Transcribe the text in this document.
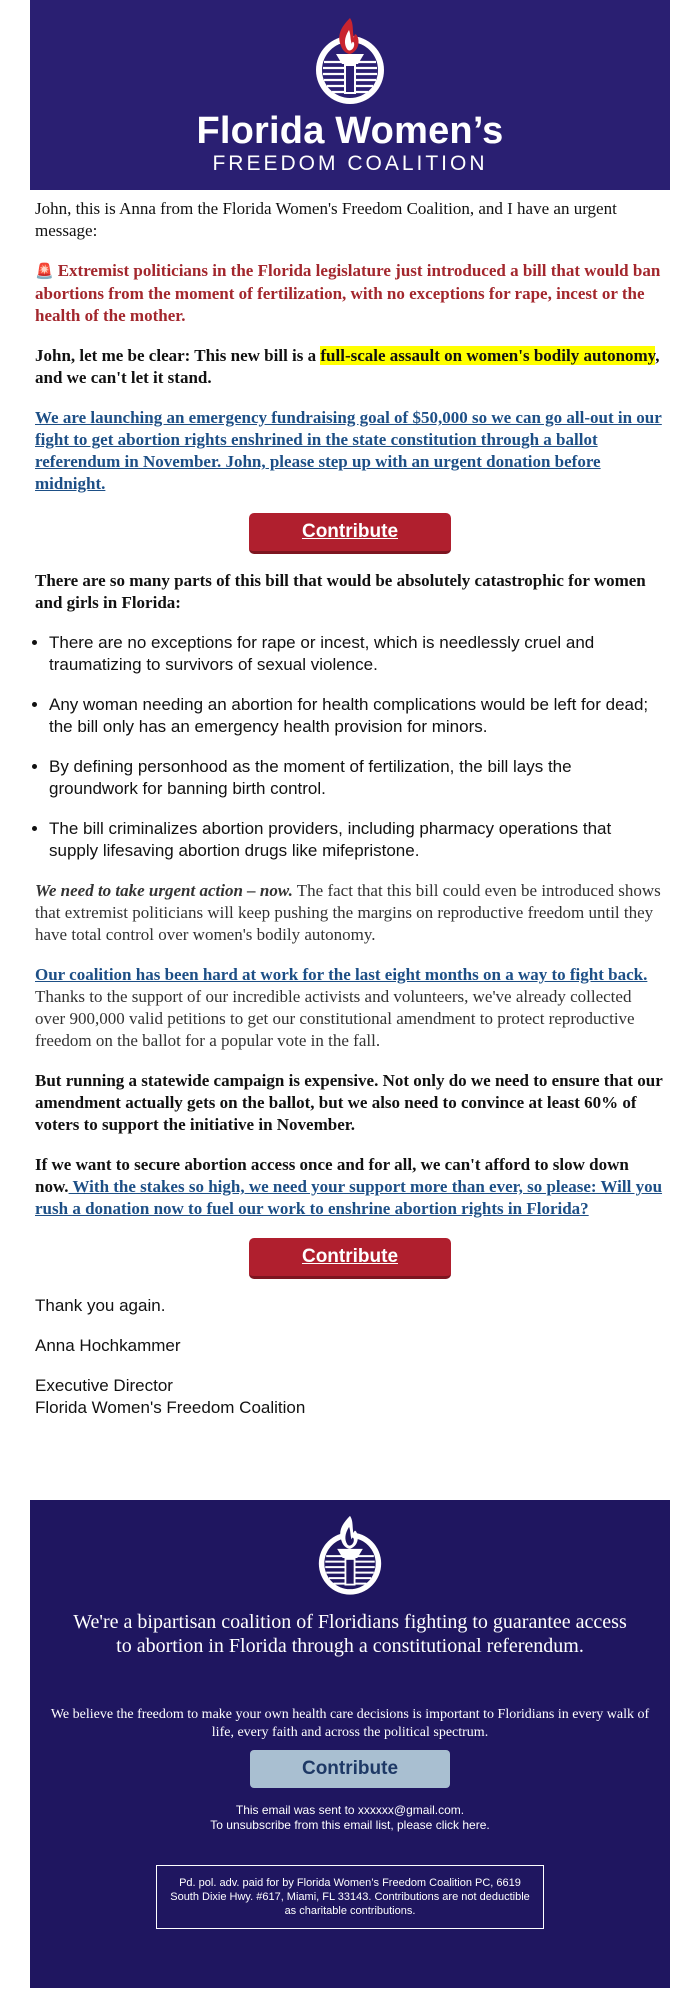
Florida Women’s
FREEDOM COALITION

John, this is Anna from the Florida Women's Freedom Coalition, and I have an urgent message:

🚨 Extremist politicians in the Florida legislature just introduced a bill that would ban abortions from the moment of fertilization, with no exceptions for rape, incest or the health of the mother.

John, let me be clear: This new bill is a full-scale assault on women's bodily autonomy, and we can't let it stand.

We are launching an emergency fundraising goal of $50,000 so we can go all-out in our fight to get abortion rights enshrined in the state constitution through a ballot referendum in November. John, please step up with an urgent donation before midnight.

Contribute

There are so many parts of this bill that would be absolutely catastrophic for women and girls in Florida:

• There are no exceptions for rape or incest, which is needlessly cruel and traumatizing to survivors of sexual violence.
• Any woman needing an abortion for health complications would be left for dead; the bill only has an emergency health provision for minors.
• By defining personhood as the moment of fertilization, the bill lays the groundwork for banning birth control.
• The bill criminalizes abortion providers, including pharmacy operations that supply lifesaving abortion drugs like mifepristone.

We need to take urgent action – now. The fact that this bill could even be introduced shows that extremist politicians will keep pushing the margins on reproductive freedom until they have total control over women's bodily autonomy.

Our coalition has been hard at work for the last eight months on a way to fight back. Thanks to the support of our incredible activists and volunteers, we've already collected over 900,000 valid petitions to get our constitutional amendment to protect reproductive freedom on the ballot for a popular vote in the fall.

But running a statewide campaign is expensive. Not only do we need to ensure that our amendment actually gets on the ballot, but we also need to convince at least 60% of voters to support the initiative in November.

If we want to secure abortion access once and for all, we can't afford to slow down now. With the stakes so high, we need your support more than ever, so please: Will you rush a donation now to fuel our work to enshrine abortion rights in Florida?

Contribute

Thank you again.

Anna Hochkammer

Executive Director

Florida Women's Freedom Coalition

We're a bipartisan coalition of Floridians fighting to guarantee access to abortion in Florida through a constitutional referendum.
We believe the freedom to make your own health care decisions is important to Floridians in every walk of life, every faith and across the political spectrum.
Contribute
This email was sent to xxxxxx@gmail.com.
To unsubscribe from this email list, please click here.
Pd. pol. adv. paid for by Florida Women’s Freedom Coalition PC, 6619 South Dixie Hwy. #617, Miami, FL 33143. Contributions are not deductible as charitable contributions.
